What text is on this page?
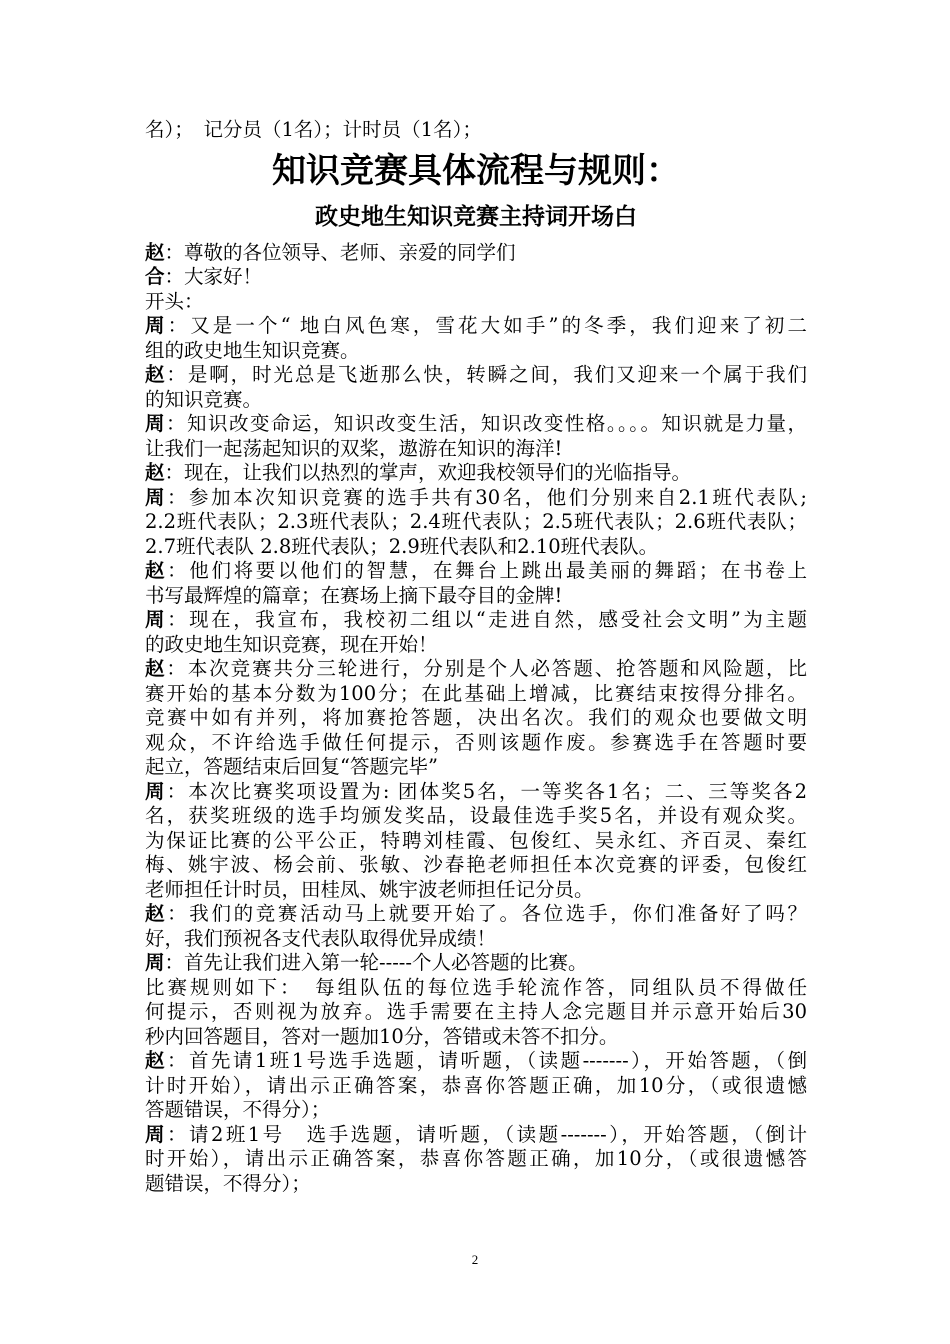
名）；　记分员（1名）；计时员（1名）；
知识竞赛具体流程与规则：
政史地生知识竞赛主持词开场白
赵：尊敬的各位领导、老师、亲爱的同学们
合：大家好！
开头：
周：又是一个“ 地白风色寒，雪花大如手”的冬季，我们迎来了初二
组的政史地生知识竞赛。
赵：是啊，时光总是飞逝那么快，转瞬之间，我们又迎来一个属于我们
的知识竞赛。
周：知识改变命运，知识改变生活，知识改变性格。。。。知识就是力量，
让我们一起荡起知识的双桨，遨游在知识的海洋!
赵：现在，让我们以热烈的掌声，欢迎我校领导们的光临指导。
周：参加本次知识竞赛的选手共有30名，他们分别来自2.1班代表队;
2.2班代表队；2.3班代表队；2.4班代表队；2.5班代表队；2.6班代表队；
2.7班代表队 2.8班代表队；2.9班代表队和2.10班代表队。
赵：他们将要以他们的智慧，在舞台上跳出最美丽的舞蹈；在书卷上
书写最辉煌的篇章；在赛场上摘下最夺目的金牌!
周：现在，我宣布，我校初二组以“走进自然，感受社会文明”为主题
的政史地生知识竞赛，现在开始！
赵：本次竞赛共分三轮进行，分别是个人必答题、抢答题和风险题，比
赛开始的基本分数为100分；在此基础上增减，比赛结束按得分排名。
竞赛中如有并列，将加赛抢答题，决出名次。我们的观众也要做文明
观众，不许给选手做任何提示，否则该题作废。参赛选手在答题时要
起立，答题结束后回复“答题完毕”
周：本次比赛奖项设置为: 团体奖5名，一等奖各1名；二、三等奖各2
名，获奖班级的选手均颁发奖品，设最佳选手奖5名，并设有观众奖。
为保证比赛的公平公正，特聘刘桂霞、包俊红、吴永红、齐百灵、秦红
梅、姚宇波、杨会前、张敏、沙春艳老师担任本次竞赛的评委，包俊红
老师担任计时员，田桂凤、姚宇波老师担任记分员。
赵：我们的竞赛活动马上就要开始了。各位选手，你们准备好了吗？
好，我们预祝各支代表队取得优异成绩！
周：首先让我们进入第一轮-----个人必答题的比赛。
比赛规则如下：　每组队伍的每位选手轮流作答，同组队员不得做任
何提示，否则视为放弃。选手需要在主持人念完题目并示意开始后30
秒内回答题目，答对一题加10分，答错或未答不扣分。
赵：首先请1班1号选手选题，请听题，（读题-------），开始答题，（倒
计时开始），请出示正确答案，恭喜你答题正确，加10分，（或很遗憾
答题错误，不得分）；
周：请2班1号　选手选题，请听题，（读题-------），开始答题，（倒计
时开始），请出示正确答案，恭喜你答题正确，加10分，（或很遗憾答
题错误，不得分）；
2
